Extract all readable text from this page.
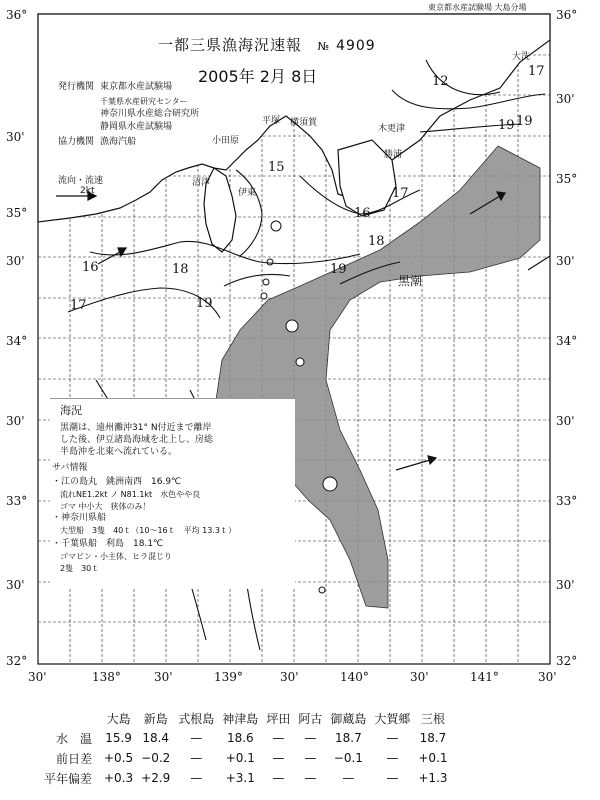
東京都水産試験場 大島分場
36°
30'
35°
30'
34°
30'
33°
30'
32°
36°
30'
35°
30'
34°
30'
33°
30'
32°
30'	138°	30'	139°	30'	140°	30'	141°	30'
一都三県漁海況速報 № 4909
2005年 2月 8日
発行機関 東京都水産試験場
千葉県水産研究センター
神奈川県水産総合研究所
静岡県水産試験場
協力機関 漁海汽船
流向・流速
2kt
大洗
木更津
平塚
小田原
横須賀
沼津
伊東
勝浦
黒潮
12
17
19
15
16
17
18
16	18	19
17	19
19
海況
黒潮は、遠州灘沖31° N付近まで離岸
した後、伊豆諸島海域を北上し、房総
半島沖を北東へ流れている。
サバ情報
・江の島丸　銚洲南西　16.9℃
　流れNE1.2kt ノ N81.1kt　水色やや良
　ゴマ 中小大　狭体のみ！
・神奈川県船
　大型船　3隻　40ｔ（10〜16ｔ　平均 13.3ｔ）
・千葉県船　利島　18.1℃
　ゴマビン・小主体、ヒラ混じり
　2隻　30ｔ
	大島	新島	式根島	神津島	坪田	阿古	御蔵島	大賀郷	三根
水　温	15.9	18.4	—	18.6	—	—	18.7	—	18.7
前日差	+0.5	−0.2	—	+0.1	—	—	−0.1	—	+0.1
平年偏差	+0.3	+2.9	—	+3.1	—	—	—	—	+1.3
